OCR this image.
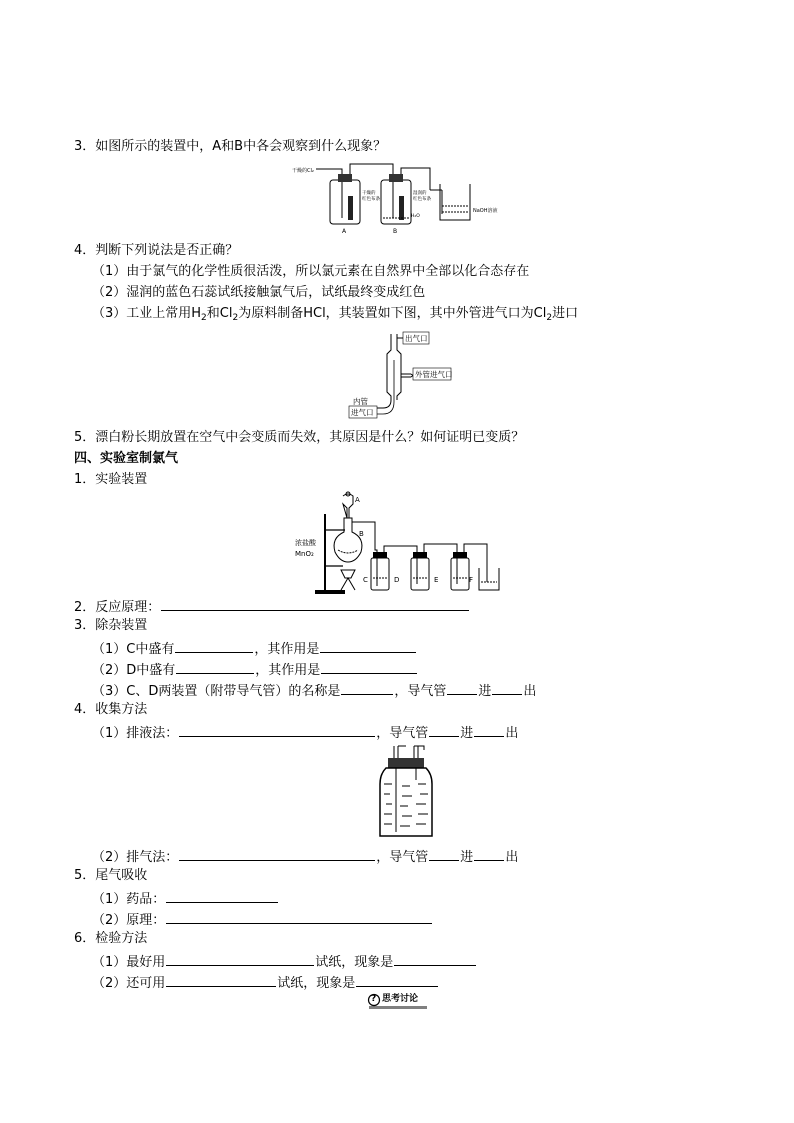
3．如图所示的装置中，A和B中各会观察到什么现象？
干燥的Cl₂
干燥的
红色布条
A
湿润的
红色布条
H₂O
B
NaOH溶液
4．判断下列说法是否正确？
（1）由于氯气的化学性质很活泼，所以氯元素在自然界中全部以化合态存在
（2）湿润的蓝色石蕊试纸接触氯气后，试纸最终变成红色
（3）工业上常用$H_2$和$Cl_2$为原料制备HCl，其装置如下图，其中外管进气口为$Cl_2$进口
外管进气口
出气口
内管
进气口
5．漂白粉长期放置在空气中会变质而失效，其原因是什么？如何证明已变质？
四、实验室制氯气
1．实验装置
A
B
浓盐酸
MnO₂
C	D	E	F
2．反应原理：
3．除杂装置
（1）C中盛有	，其作用是
（2）D中盛有	，其作用是
（3）C、D两装置（附带导气管）的名称是	，导气管 进 出
4．收集方法
（1）排液法：	，导气管 进 出
（2）排气法：	，导气管 进 出
5．尾气吸收
（1）药品：
（2）原理：
6．检验方法
（1）最好用	试纸，现象是
（2）还可用	试纸，现象是
? 思考讨论
